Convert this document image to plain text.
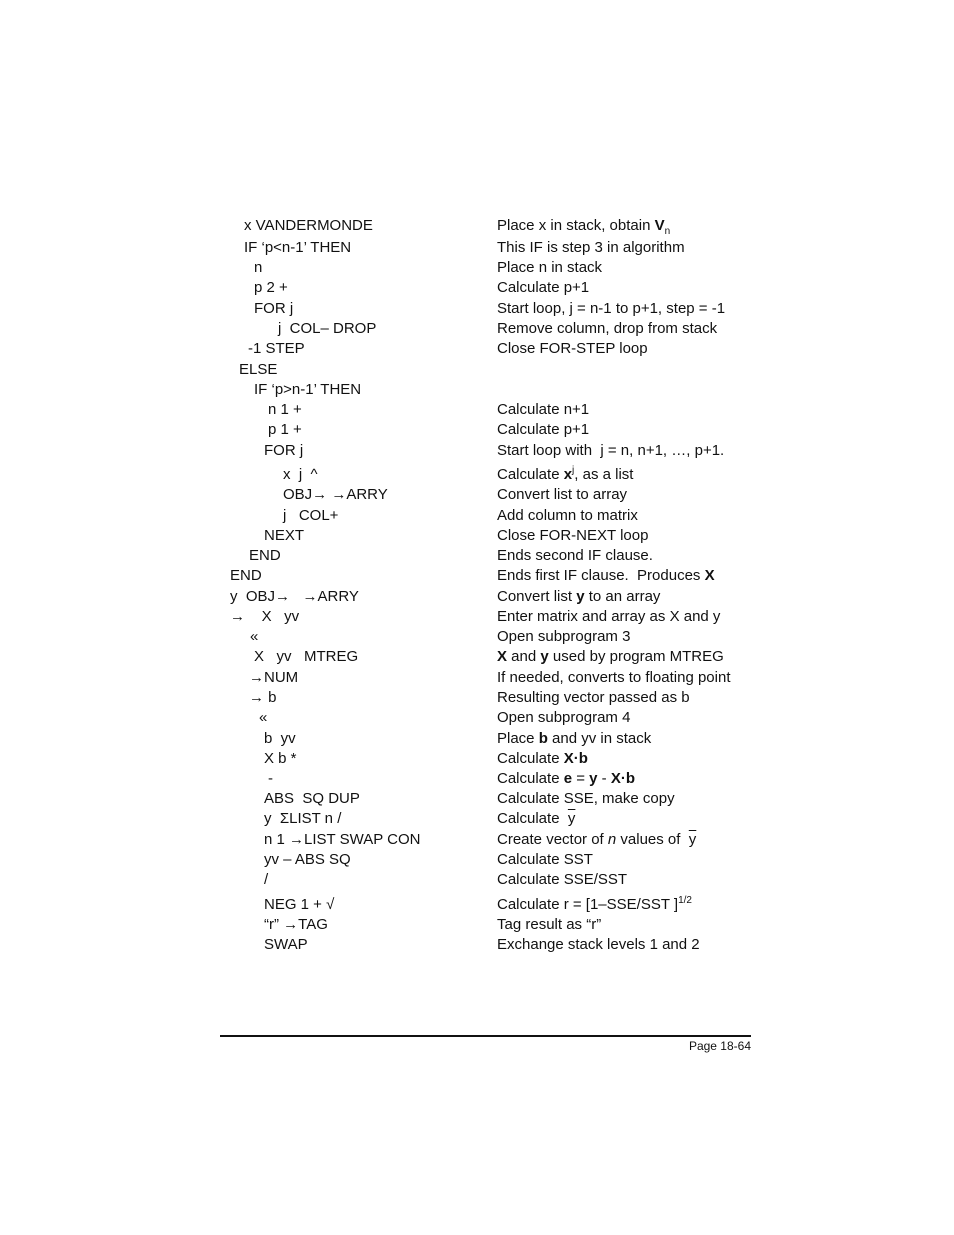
x VANDERMONDE	Place x in stack, obtain $V_n$
IF ‘p<n-1’ THEN	This IF is step 3 in algorithm
n	Place n in stack
p 2 +	Calculate p+1
FOR j	Start loop, j = n-1 to p+1, step = -1
j  COL– DROP	Remove column, drop from stack
-1 STEP	Close FOR-STEP loop
ELSE
IF ‘p>n-1’ THEN
n 1 +	Calculate n+1
p 1 +	Calculate p+1
FOR j	Start loop with  j = n, n+1, …, p+1.
x  j  ^	Calculate $x^j$, as a list
OBJ→ →ARRY	Convert list to array
j   COL+	Add column to matrix
NEXT	Close FOR-NEXT loop
END	Ends second IF clause.
END	Ends first IF clause.  Produces X
y  OBJ→   →ARRY	Convert list y to an array
→    X   yv	Enter matrix and array as X and y
«	Open subprogram 3
X   yv   MTREG	X and y used by program MTREG
→NUM	If needed, converts to floating point
→ b	Resulting vector passed as b
«	Open subprogram 4
b  yv	Place b and yv in stack
X b *	Calculate X·b
-	Calculate e = y - X·b
ABS  SQ DUP	Calculate SSE, make copy
y  ΣLIST n /	Calculate  $\overline{y}$
n 1 →LIST SWAP CON	Create vector of n values of  $\overline{y}$
yv – ABS SQ	Calculate SST
/	Calculate SSE/SST
NEG 1 + √	Calculate r = [1–SSE/SST ]$^{1/2}$
“r” →TAG	Tag result as “r”
SWAP	Exchange stack levels 1 and 2
Page 18-64
